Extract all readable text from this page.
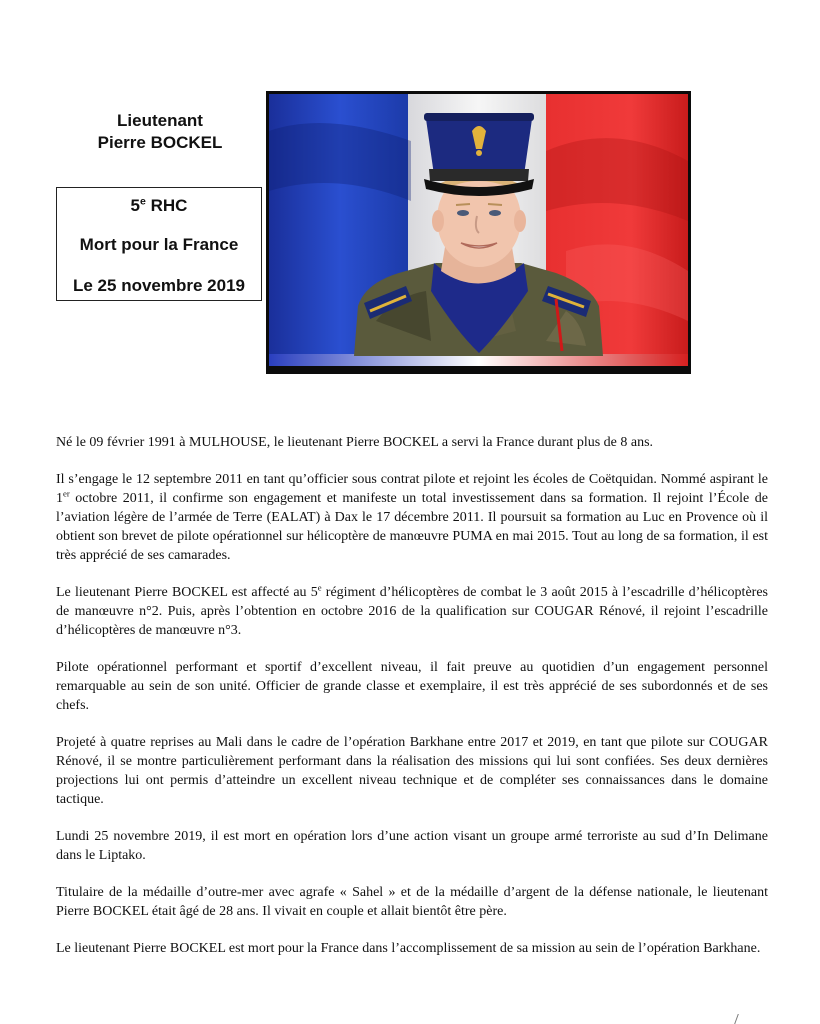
Lieutenant
Pierre BOCKEL
5e RHC
Mort pour la France
Le 25 novembre 2019

Né le 09 février 1991 à MULHOUSE, le lieutenant Pierre BOCKEL a servi la France durant plus de 8 ans.

Il s’engage le 12 septembre 2011 en tant qu’officier sous contrat pilote et rejoint les écoles de Coëtquidan. Nommé aspirant le 1er octobre 2011, il confirme son engagement et manifeste un total investissement dans sa formation. Il rejoint l’École de l’aviation légère de l’armée de Terre (EALAT) à Dax le 17 décembre 2011. Il poursuit sa formation au Luc en Provence où il obtient son brevet de pilote opérationnel sur hélicoptère de manœuvre PUMA en mai 2015. Tout au long de sa formation, il est très apprécié de ses camarades.

Le lieutenant Pierre BOCKEL est affecté au 5e régiment d’hélicoptères de combat le 3 août 2015 à l’escadrille d’hélicoptères de manœuvre n°2. Puis, après l’obtention en octobre 2016 de la qualification sur COUGAR Rénové, il rejoint l’escadrille d’hélicoptères de manœuvre n°3.

Pilote opérationnel performant et sportif d’excellent niveau, il fait preuve au quotidien d’un engagement personnel remarquable au sein de son unité. Officier de grande classe et exemplaire, il est très apprécié de ses subordonnés et de ses chefs.

Projeté à quatre reprises au Mali dans le cadre de l’opération Barkhane entre 2017 et 2019, en tant que pilote sur COUGAR Rénové, il se montre particulièrement performant dans la réalisation des missions qui lui sont confiées. Ses deux dernières projections lui ont permis d’atteindre un excellent niveau technique et de compléter ses connaissances dans le domaine tactique.

Lundi 25 novembre 2019, il est mort en opération lors d’une action visant un groupe armé terroriste au sud d’In Delimane dans le Liptako.

Titulaire de la médaille d’outre-mer avec agrafe « Sahel » et de la médaille d’argent de la défense nationale, le lieutenant Pierre BOCKEL était âgé de 28 ans. Il vivait en couple et allait bientôt être père.

Le lieutenant Pierre BOCKEL est mort pour la France dans l’accomplissement de sa mission au sein de l’opération Barkhane.
